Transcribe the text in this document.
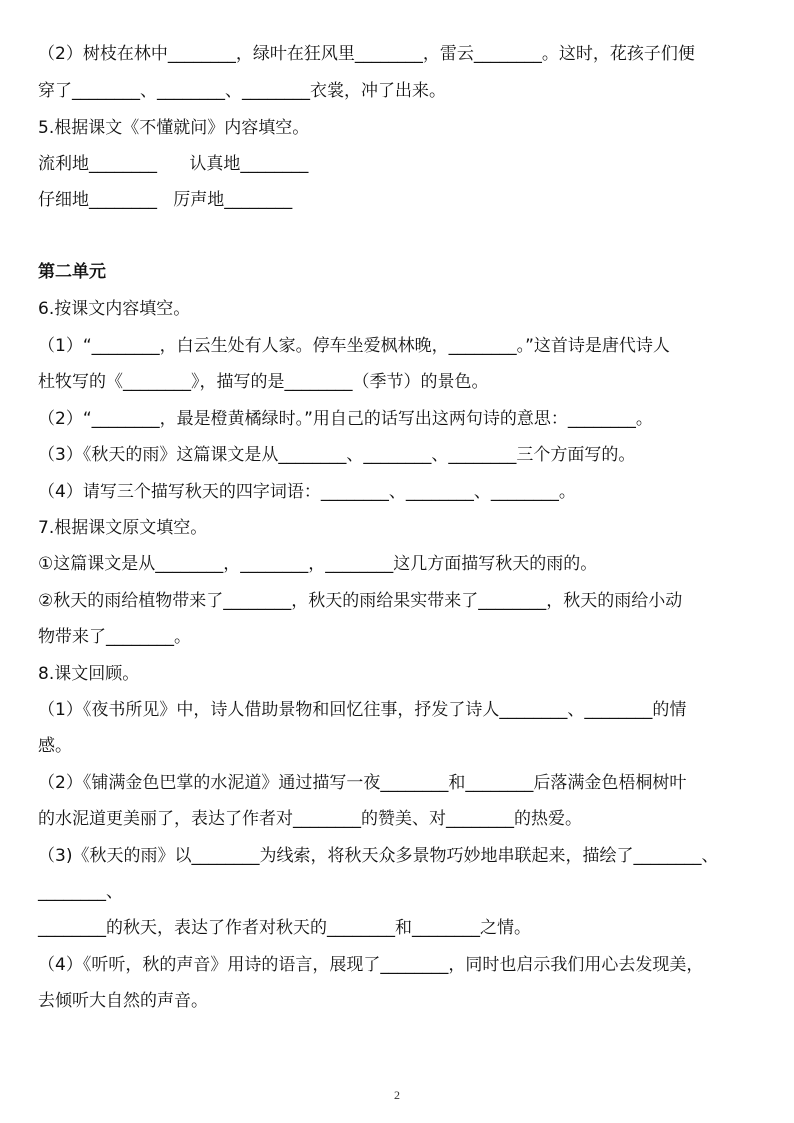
（2）树枝在林中________，绿叶在狂风里________，雷云________。这时，花孩子们便
穿了________、________、________衣裳，冲了出来。
5.根据课文《不懂就问》内容填空。
流利地________      认真地________
仔细地________   厉声地________
第二单元
6.按课文内容填空。
（1）“________，白云生处有人家。停车坐爱枫林晚，________。”这首诗是唐代诗人
杜牧写的《________》，描写的是________（季节）的景色。
（2）“________，最是橙黄橘绿时。”用自己的话写出这两句诗的意思：________。
（3）《秋天的雨》这篇课文是从________、________、________三个方面写的。
（4）请写三个描写秋天的四字词语：________、________、________。
7.根据课文原文填空。
①这篇课文是从________，________，________这几方面描写秋天的雨的。
②秋天的雨给植物带来了________，秋天的雨给果实带来了________，秋天的雨给小动
物带来了________。
8.课文回顾。
（1）《夜书所见》中，诗人借助景物和回忆往事，抒发了诗人________、________的情
感。
（2）《铺满金色巴掌的水泥道》通过描写一夜________和________后落满金色梧桐树叶
的水泥道更美丽了，表达了作者对________的赞美、对________的热爱。
（3)《秋天的雨》以________为线索，将秋天众多景物巧妙地串联起来，描绘了________、
________、
________的秋天，表达了作者对秋天的________和________之情。
（4）《听听，秋的声音》用诗的语言，展现了________，同时也启示我们用心去发现美，
去倾听大自然的声音。
2
